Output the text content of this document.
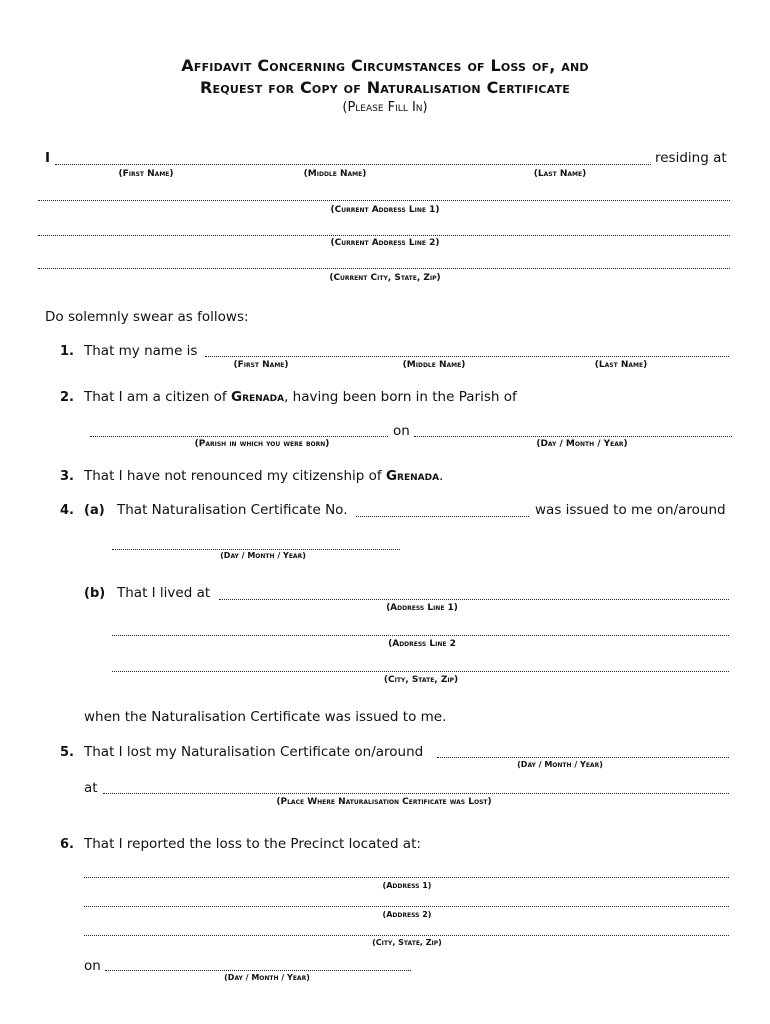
Affidavit Concerning Circumstances of Loss of, and
Request for Copy of Naturalisation Certificate
(Please Fill In)
I	residing at
(First Name)	(Middle Name)	(Last Name)
(Current Address Line 1)
(Current Address Line 2)
(Current City, State, Zip)
Do solemnly swear as follows:
1. That my name is
(First Name)	(Middle Name)	(Last Name)
2. That I am a citizen of Grenada, having been born in the Parish of
on
(Parish in which you were born)	(Day / Month / Year)
3. That I have not renounced my citizenship of Grenada.
4. (a) That Naturalisation Certificate No.	was issued to me on/around
(Day / Month / Year)
(b) That I lived at
(Address Line 1)
(Address Line 2
(City, State, Zip)
when the Naturalisation Certificate was issued to me.
5. That I lost my Naturalisation Certificate on/around
(Day / Month / Year)
at
(Place Where Naturalisation Certificate was Lost)
6. That I reported the loss to the Precinct located at:
(Address 1)
(Address 2)
(City, State, Zip)
on
(Day / Month / Year)
